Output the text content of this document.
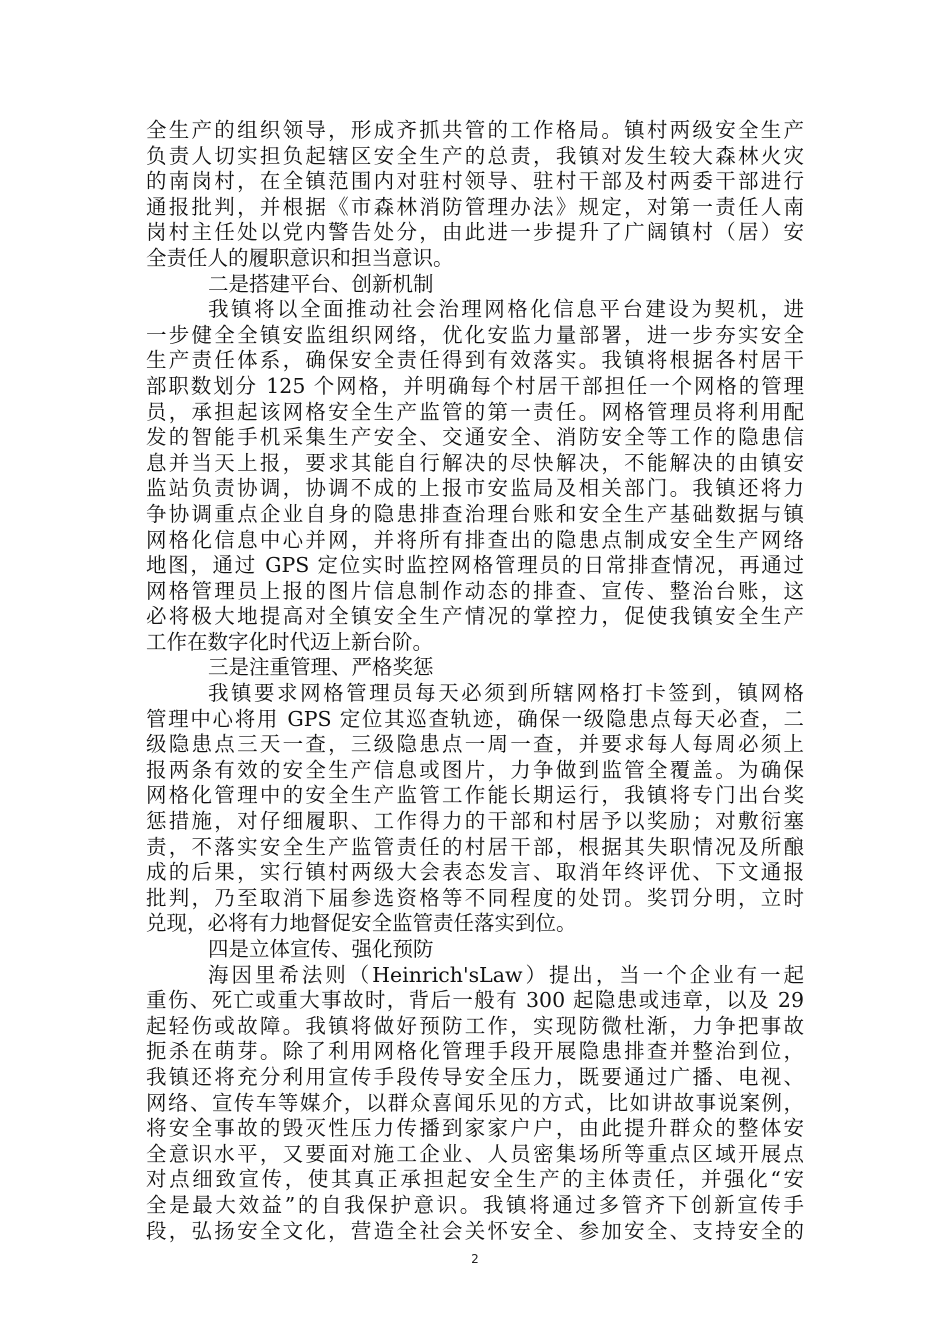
全生产的组织领导，形成齐抓共管的工作格局。镇村两级安全生产
负责人切实担负起辖区安全生产的总责，我镇对发生较大森林火灾
的南岗村，在全镇范围内对驻村领导、驻村干部及村两委干部进行
通报批判，并根据《市森林消防管理办法》规定，对第一责任人南
岗村主任处以党内警告处分，由此进一步提升了广阔镇村（居）安
全责任人的履职意识和担当意识。
二是搭建平台、创新机制
我镇将以全面推动社会治理网格化信息平台建设为契机，进
一步健全全镇安监组织网络，优化安监力量部署，进一步夯实安全
生产责任体系，确保安全责任得到有效落实。我镇将根据各村居干
部职数划分 125 个网格，并明确每个村居干部担任一个网格的管理
员，承担起该网格安全生产监管的第一责任。网格管理员将利用配
发的智能手机采集生产安全、交通安全、消防安全等工作的隐患信
息并当天上报，要求其能自行解决的尽快解决，不能解决的由镇安
监站负责协调，协调不成的上报市安监局及相关部门。我镇还将力
争协调重点企业自身的隐患排查治理台账和安全生产基础数据与镇
网格化信息中心并网，并将所有排查出的隐患点制成安全生产网络
地图，通过 GPS 定位实时监控网格管理员的日常排查情况，再通过
网格管理员上报的图片信息制作动态的排查、宣传、整治台账，这
必将极大地提高对全镇安全生产情况的掌控力，促使我镇安全生产
工作在数字化时代迈上新台阶。
三是注重管理、严格奖惩
我镇要求网格管理员每天必须到所辖网格打卡签到，镇网格
管理中心将用 GPS 定位其巡查轨迹，确保一级隐患点每天必查，二
级隐患点三天一查，三级隐患点一周一查，并要求每人每周必须上
报两条有效的安全生产信息或图片，力争做到监管全覆盖。为确保
网格化管理中的安全生产监管工作能长期运行，我镇将专门出台奖
惩措施，对仔细履职、工作得力的干部和村居予以奖励；对敷衍塞
责，不落实安全生产监管责任的村居干部，根据其失职情况及所酿
成的后果，实行镇村两级大会表态发言、取消年终评优、下文通报
批判，乃至取消下届参选资格等不同程度的处罚。奖罚分明，立时
兑现，必将有力地督促安全监管责任落实到位。
四是立体宣传、强化预防
海因里希法则（Heinrich'sLaw）提出，当一个企业有一起
重伤、死亡或重大事故时，背后一般有 300 起隐患或违章，以及 29
起轻伤或故障。我镇将做好预防工作，实现防微杜渐，力争把事故
扼杀在萌芽。除了利用网格化管理手段开展隐患排查并整治到位，
我镇还将充分利用宣传手段传导安全压力，既要通过广播、电视、
网络、宣传车等媒介，以群众喜闻乐见的方式，比如讲故事说案例，
将安全事故的毁灭性压力传播到家家户户，由此提升群众的整体安
全意识水平，又要面对施工企业、人员密集场所等重点区域开展点
对点细致宣传，使其真正承担起安全生产的主体责任，并强化“安
全是最大效益”的自我保护意识。我镇将通过多管齐下创新宣传手
段，弘扬安全文化，营造全社会关怀安全、参加安全、支持安全的
2
